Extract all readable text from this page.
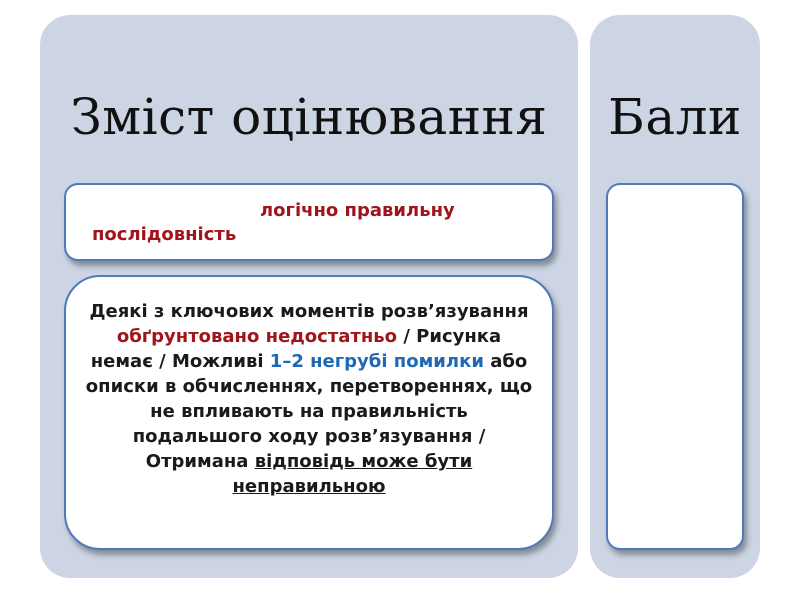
Зміст оцінювання	Бали
логічно правильну
послідовність
Деякі з ключових моментів розв’язування обґрунтовано недостатньо / Рисунка немає / Можливі 1–2 негрубі помилки або описки в обчисленнях, перетвореннях, що не впливають на правильність подальшого ходу розв’язування / Отримана відповідь може бути неправильною
